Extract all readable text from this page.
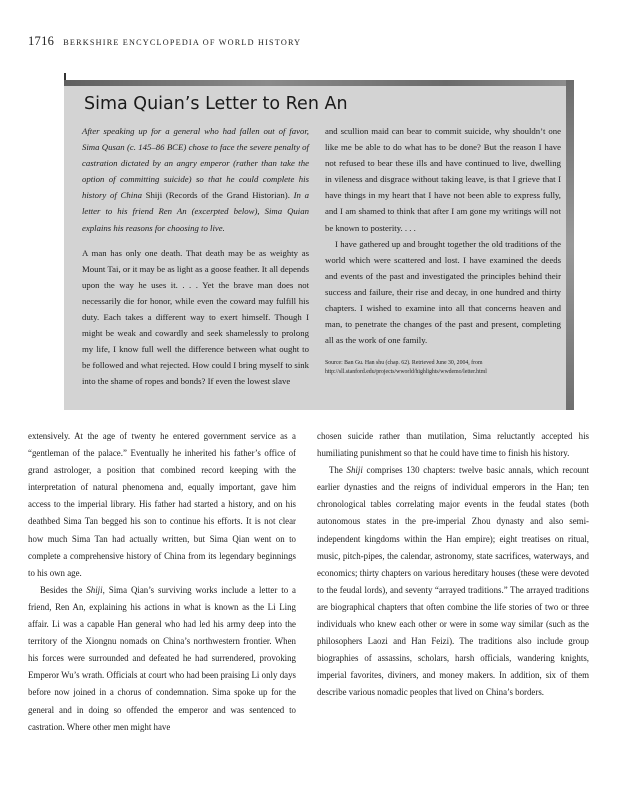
1716 BERKSHIRE ENCYCLOPEDIA OF WORLD HISTORY
Sima Quian’s Letter to Ren An

After speaking up for a general who had fallen out of favor, Sima Qusan (c. 145–86 BCE) chose to face the severe penalty of castration dictated by an angry emperor (rather than take the option of committing suicide) so that he could complete his history of China Shiji (Records of the Grand Historian). In a letter to his friend Ren An (excerpted below), Sima Quian explains his reasons for choosing to live.

A man has only one death. That death may be as weighty as Mount Tai, or it may be as light as a goose feather. It all depends upon the way he uses it. . . . Yet the brave man does not necessarily die for honor, while even the coward may fulfill his duty. Each takes a different way to exert himself. Though I might be weak and cowardly and seek shamelessly to prolong my life, I know full well the difference between what ought to be followed and what rejected. How could I bring myself to sink into the shame of ropes and bonds? If even the lowest slave

and scullion maid can bear to commit suicide, why shouldn’t one like me be able to do what has to be done? But the reason I have not refused to bear these ills and have continued to live, dwelling in vileness and disgrace without taking leave, is that I grieve that I have things in my heart that I have not been able to express fully, and I am shamed to think that after I am gone my writings will not be known to posterity. . . .

I have gathered up and brought together the old traditions of the world which were scattered and lost. I have examined the deeds and events of the past and investigated the principles behind their success and failure, their rise and decay, in one hundred and thirty chapters. I wished to examine into all that concerns heaven and man, to penetrate the changes of the past and present, completing all as the work of one family.

Source: Ban Gu. Han shu (chap. 62). Retrieved June 30, 2004, from http://sll.stanford.edu/projects/wworld/highlights/wwdemo/letter.html

extensively. At the age of twenty he entered government service as a “gentleman of the palace.” Eventually he inherited his father’s office of grand astrologer, a position that combined record keeping with the interpretation of natural phenomena and, equally important, gave him access to the imperial library. His father had started a history, and on his deathbed Sima Tan begged his son to continue his efforts. It is not clear how much Sima Tan had actually written, but Sima Qian went on to complete a comprehensive history of China from its legendary beginnings to his own age.

Besides the Shiji, Sima Qian’s surviving works include a letter to a friend, Ren An, explaining his actions in what is known as the Li Ling affair. Li was a capable Han general who had led his army deep into the territory of the Xiongnu nomads on China’s northwestern frontier. When his forces were surrounded and defeated he had surrendered, provoking Emperor Wu’s wrath. Officials at court who had been praising Li only days before now joined in a chorus of condemnation. Sima spoke up for the general and in doing so offended the emperor and was sentenced to castration. Where other men might have

chosen suicide rather than mutilation, Sima reluctantly accepted his humiliating punishment so that he could have time to finish his history.

The Shiji comprises 130 chapters: twelve basic annals, which recount earlier dynasties and the reigns of individual emperors in the Han; ten chronological tables correlating major events in the feudal states (both autonomous states in the pre-imperial Zhou dynasty and also semi-independent kingdoms within the Han empire); eight treatises on ritual, music, pitch-pipes, the calendar, astronomy, state sacrifices, waterways, and economics; thirty chapters on various hereditary houses (these were devoted to the feudal lords), and seventy “arrayed traditions.” The arrayed traditions are biographical chapters that often combine the life stories of two or three individuals who knew each other or were in some way similar (such as the philosophers Laozi and Han Feizi). The traditions also include group biographies of assassins, scholars, harsh officials, wandering knights, imperial favorites, diviners, and money makers. In addition, six of them describe various nomadic peoples that lived on China’s borders.
